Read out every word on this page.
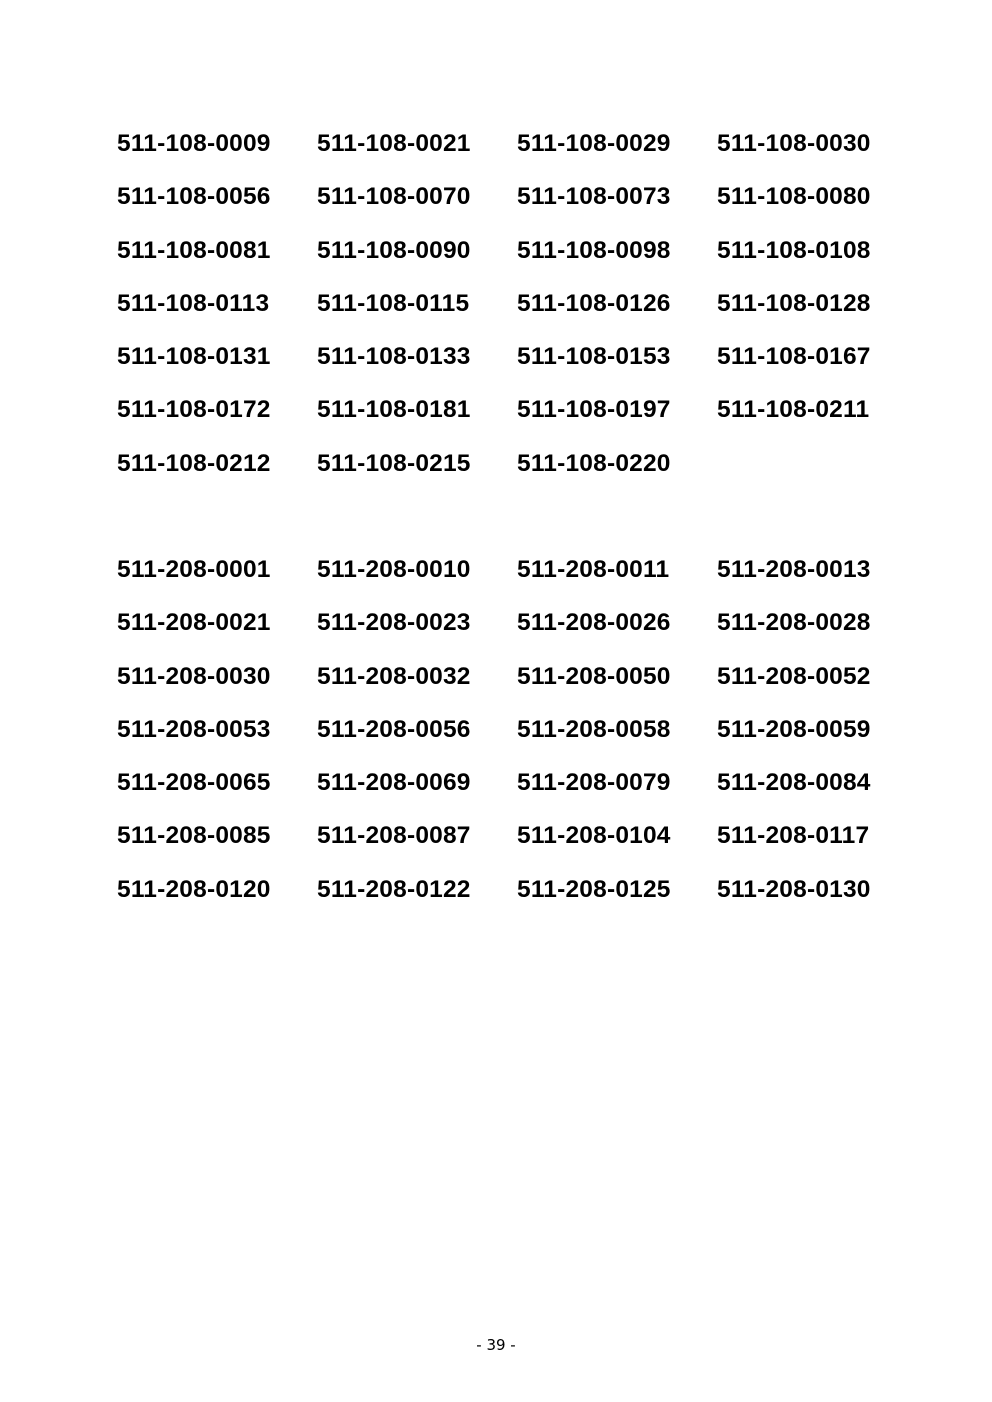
511-108-0009	511-108-0021	511-108-0029	511-108-0030
511-108-0056	511-108-0070	511-108-0073	511-108-0080
511-108-0081	511-108-0090	511-108-0098	511-108-0108
511-108-0113	511-108-0115	511-108-0126	511-108-0128
511-108-0131	511-108-0133	511-108-0153	511-108-0167
511-108-0172	511-108-0181	511-108-0197	511-108-0211
511-108-0212	511-108-0215	511-108-0220
511-208-0001	511-208-0010	511-208-0011	511-208-0013
511-208-0021	511-208-0023	511-208-0026	511-208-0028
511-208-0030	511-208-0032	511-208-0050	511-208-0052
511-208-0053	511-208-0056	511-208-0058	511-208-0059
511-208-0065	511-208-0069	511-208-0079	511-208-0084
511-208-0085	511-208-0087	511-208-0104	511-208-0117
511-208-0120	511-208-0122	511-208-0125	511-208-0130
- 39 -
